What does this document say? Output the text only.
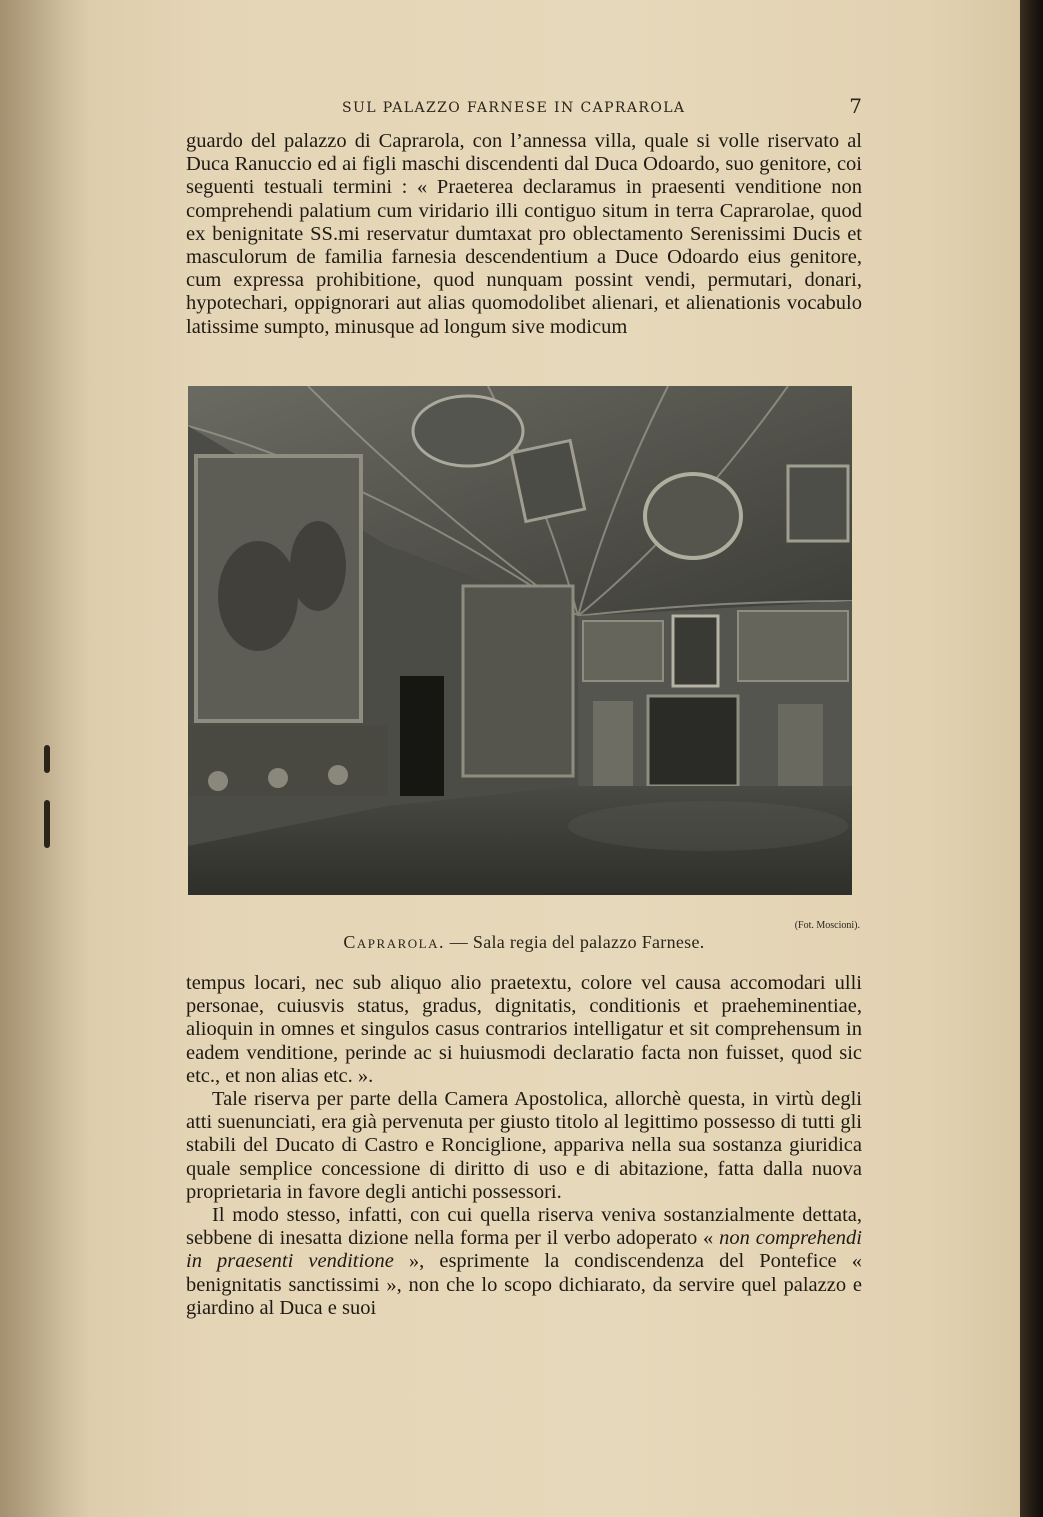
SUL PALAZZO FARNESE IN CAPRAROLA	7

guardo del palazzo di Caprarola, con l’annessa villa, quale si volle riservato al Duca Ranuccio ed ai figli maschi discendenti dal Duca Odoardo, suo genitore, coi seguenti testuali termini : « Praeterea declaramus in praesenti venditione non comprehendi palatium cum viridario illi contiguo situm in terra Caprarolae, quod ex benignitate SS.mi reservatur dumtaxat pro oblectamento Serenissimi Ducis et masculorum de familia farnesia descendentium a Duce Odoardo eius genitore, cum expressa prohibitione, quod nunquam possint vendi, permutari, donari, hypotechari, oppignorari aut alias quomodolibet alienari, et alienationis vocabulo latissime sumpto, minusque ad longum sive modicum

(Fot. Moscioni).
Caprarola. — Sala regia del palazzo Farnese.

tempus locari, nec sub aliquo alio praetextu, colore vel causa accomodari ulli personae, cuiusvis status, gradus, dignitatis, conditionis et praeheminentiae, alioquin in omnes et singulos casus contrarios intelligatur et sit comprehensum in eadem venditione, perinde ac si huiusmodi declaratio facta non fuisset, quod sic etc., et non alias etc. ».

Tale riserva per parte della Camera Apostolica, allorchè questa, in virtù degli atti suenunciati, era già pervenuta per giusto titolo al legittimo possesso di tutti gli stabili del Ducato di Castro e Ronciglione, appariva nella sua sostanza giuridica quale semplice concessione di diritto di uso e di abitazione, fatta dalla nuova proprietaria in favore degli antichi possessori.

Il modo stesso, infatti, con cui quella riserva veniva sostanzialmente dettata, sebbene di inesatta dizione nella forma per il verbo adoperato « non comprehendi in praesenti venditione », esprimente la condiscendenza del Pontefice « benignitatis sanctissimi », non che lo scopo dichiarato, da servire quel palazzo e giardino al Duca e suoi
